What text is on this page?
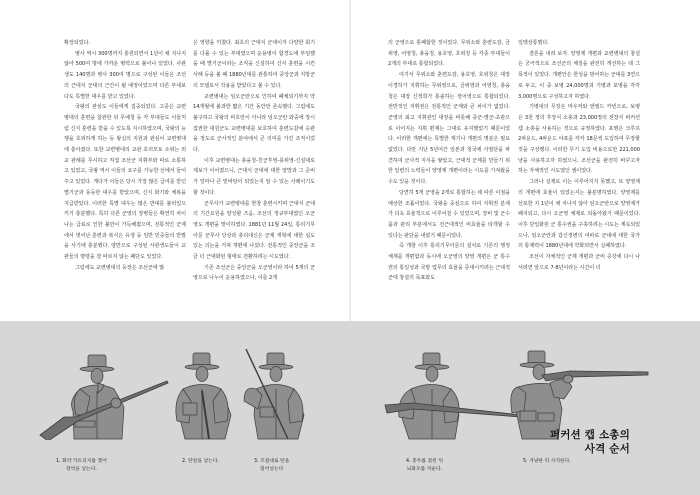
확장되었다.
병사 역시 300명까지 충원되면서 1년이 채 지나지 않아 500여 명에 가까운 병력으로 불어나 있었다. 사관생도 140명과 병사 300여 명으로 구성된 이들은 조선의 근대식 군대의 근간이 될 예정이었으며 다른 부대보다도 특별한 대우를 받고 있었다.
국왕의 관심도 이들에게 집중되었다. 고종은 교련병대의 훈련을 참관한 뒤 무예청 등 각 부대들도 이들처럼 신식 훈련을 받을 수 있도록 지시하였으며, 국왕의 능행을 호위하게 하는 등 왕실의 지원과 관심이 교련병대에 쏟아졌다. 또한 교련병대의 교관 호리모토 소위는 외교 관례를 무시하고 직접 조선군 지휘부와 따로 소통하고 있었고, 국왕 역시 이들의 요구를 가능한 선에서 들어 주고 있었다. 게다가 이들은 당시 가장 많은 급여를 받던 별기군과 동등한 대우를 받았으며, 신식 화기와 체복을 지급받았다. 이러한 특별 대우는 많은 반대를 불러일으키기 충분했다. 특히 다른 군영의 장병들은 확연히 차이나는 급료로 인한 불만이 가득해졌으며, 전통적인 군제에서 벗어난 훈련과 복식은 유생 등 일반 민중들의 반발을 사기에 충분했다. 양반으로 구성된 사관생도들이 교관들의 명령을 잘 따르지 않는 폐단도 있었다.
그럼에도 교련병대의 등장은 조선군에 많
은 영향을 끼쳤다. 최초의 근대식 군대이자 다양한 회기를 다룰 수 있는 부대였으며 운용병이 합경도에 부임했을 때 별기군이라는 조직을 신설하여 신식 훈련을 시킨 사례 등을 볼 때 1880년대를 관통하여 중앙군과 지방군의 모델로서 작용을 받았다고 볼 수 있다.
교련병대는 임오군란으로 인하여 폐체되기까지 약 14개월에 불과한 짧은 기간 동안만 존속했다. 그럼에도 불구하고 국왕의 비호만이 아니라 임오군란 와중에 장시 집권한 대원군도 교련병대를 보호하여 훈련도감에 승관을 정도로 군사적인 분야에서 큰 의미를 가진 조직이었다.
이후 교련병대는 총융청-친군후영-풍위영-신설대로 계보가 이어졌으니, 근대식 군대에 대한 열망과 그 준비가 얼마나 큰 밑바탕이 되었는지 알 수 있는 사례이기도 할 것이다.
군무사가 교련병대를 한창 훈련시키며 근대식 군대의 기간요원을 양성할 즈음, 조선의 정규부대였던 오군영도 개편을 맞이하였다. 1881년 11월 24일, 통리기무아문 군무사 당상과 총리대신은 군제 개혁에 대한 심도 있는 의논을 거쳐 개편에 나섰다. 전통적인 중앙군을 조금 더 근대화된 형태로 전환하려는 시도였다.
기존 조선군은 중앙군을 오군영이라 하여 5개의 군영으로 나누어 운용하였으나, 이를 2개
의 군영으로 통폐합한 것이었다. 무위소와 훈련도감, 금위영, 어영청, 총융청, 용호영, 호위청 등 각종 부대들이 2개의 부대로 통합되었다.
여기서 무위소와 훈련도감, 용호영, 호위청은 대장 이경하가 지휘하는 무위영으로, 금위영과 어영청, 총융청은 대장 신정희가 통솔하는 장어영으로 통합되었다. 전반적인 지휘권은 전통적인 군제와 큰 차이가 없었다. 군영의 최고 지휘관인 대장을 비롯해 중군-별군-초관으로 이어지는 지휘 편제는 그대로 유지했었기 때문이었다. 이러한 개편에는 특별한 계기나 개편의 명분은 필요없었다. 다만 지난 5년여간 일본과 청국에 사절단을 파견하여 군사적 지식을 쌓았고, 근대적 군제를 만들기 위한 일련의 노력들이 양영제 개편이라는 시도를 가져왔을 수도 있을 것이다.
당연히 5개 군영을 2개로 통합하는 데 따른 이점을 예상한 조튬이었다. 국왕을 중심으로 하여 지휘권 분제가 더욱 효율적으로 이루어질 수 있었으며, 장비 및 군수품과 관리 부분에서도 전근대적인 비효율을 타개할 수 있다는 판단을 내렸기 때문이었다.
즉 개항 이후 통리기무아문의 설치로 기존의 행정 체계를 개편함과 동시에 오군영의 양영 개편은 군 통수권의 통일성과 국방 업무의 효율을 증대시키려는 근대적 군대 창설의 목표와도
일맥상통했다.
결론을 내려 보자. 양영제 개편과 교련병대의 창설은 궁극적으로 조선군의 체질을 완전히 개선하는 데 그 목적이 있었다. 개편안은 한성을 방어하는 군대를 3연으로 두고, 이 중 보병 24,000명과 기병과 포병을 각각 3,000명으로 구성하고자 하였다.
기병대의 무장은 마우저와 엔필드 카빈으로, 보병은 3천 정의 후장식 소총과 23,000정의 전장식 퍼커션 캡 소총을 사용하는 것으로 규정하였다. 포병은 크루프 2파운드, 4파운드 야포를 각각 18문씩 도입하여 무장할 것을 구상했다. 이러한 무기 도입 비용으로만 221,000냥을 사용하고자 하였으니, 조선군을 완전히 바꾸고자 하는 자체적인 시도였던 셈이었다.
그러나 실제로 이는 이루어지지 못했고, 또 양영제의 개편에 효율이 있었는지는 불분명하였다. 양영제를 선포한 지 1년이 채 지나지 않아 임오군란으로 양영제가 폐지되고, 다시 오군영 체제로 되돌아왔기 때문이었다. 이후 단일화된 군 통수권을 구축하려는 시도는 계속되었으나, 임오군란과 갑신정변의 여파로 군대에 대한 국가의 통제력이 1880년대에 약화되면서 실패하였다.
조선이 자체적인 군제 개편과 군비 증강에 다시 나서려면 앞으로 7-8년이라는 시간이 더
1. 화약 카트리지를 찢어
장약을 넣는다.
2. 탄알을 넣는다.	3. 꼬질대로 탄을
밀어넣는다
4. 총두를 젖힌 뒤
뇌화모를 끼운다.
5. 겨냥한 뒤 사격한다.
퍼커션 캡 소총의
사격 순서
